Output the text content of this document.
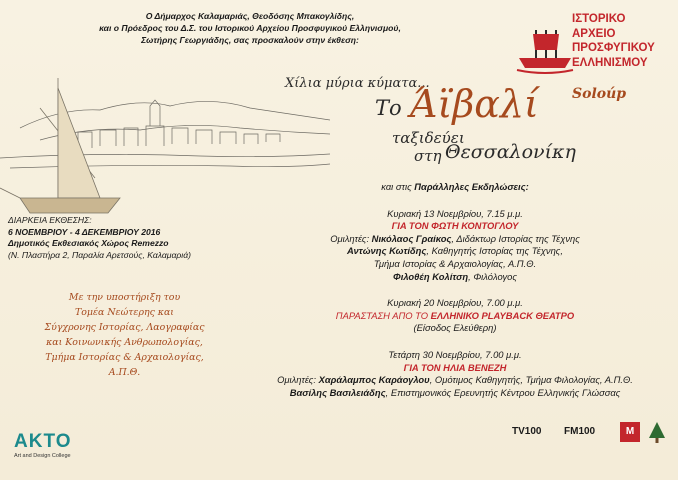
Ο Δήμαρχος Καλαμαριάς, Θεοδόσης Μπακογλίδης,
και ο Πρόεδρος του Δ.Σ. του Ιστορικού Αρχείου Προσφυγικού Ελληνισμού,
Σωτήρης Γεωργιάδης, σας προσκαλούν στην έκθεση:
ΙΣΤΟΡΙΚΟ
ΑΡΧΕΙΟ
ΠΡΟΣΦΥΓΙΚΟΥ
ΕΛΛΗΝΙΣΜΟΥ
Soloúp
Χίλια μύρια κύματα...
Το Άϊβαλί
ταξιδεύει
στη Θεσσαλονίκη
ΔΙΑΡΚΕΙΑ ΕΚΘΕΣΗΣ:
6 ΝΟΕΜΒΡΙΟΥ - 4 ΔΕΚΕΜΒΡΙΟΥ 2016
Δημοτικός Εκθεσιακός Χώρος Remezzo
(Ν. Πλαστήρα 2, Παραλία Αρετσούς, Καλαμαριά)
Με την υποστήριξη του
Τομέα Νεώτερης και
Σύγχρονης Ιστορίας, Λαογραφίας
και Κοινωνικής Ανθρωπολογίας,
Τμήμα Ιστορίας & Αρχαιολογίας,
Α.Π.Θ.
και στις Παράλληλες Εκδηλώσεις:
Κυριακή 13 Νοεμβρίου, 7.15 μ.μ.
ΓΙΑ ΤΟΝ ΦΩΤΗ ΚΟΝΤΟΓΛΟΥ
Ομιλητές: Νικόλαος Γραίκος, Διδάκτωρ Ιστορίας της Τέχνης
Αντώνης Κωτίδης, Καθηγητής Ιστορίας της Τέχνης,
Τμήμα Ιστορίας & Αρχαιολογίας, Α.Π.Θ.
Φιλοθέη Κολίτση, Φιλόλογος
Κυριακή 20 Νοεμβρίου, 7.00 μ.μ.
ΠΑΡΑΣΤΑΣΗ ΑΠΟ ΤΟ ΕΛΛΗΝΙΚΟ PLAYBACK ΘΕΑΤΡΟ
(Είσοδος Ελεύθερη)
Τετάρτη 30 Νοεμβρίου, 7.00 μ.μ.
ΓΙΑ ΤΟΝ ΗΛΙΑ ΒΕΝΕΖΗ
Ομιλητές: Χαράλαμπος Καράογλου, Ομότιμος Καθηγητής, Τμήμα Φιλολογίας, Α.Π.Θ.
Βασίλης Βασιλειάδης, Επιστημονικός Ερευνητής Κέντρου Ελληνικής Γλώσσας
AKTO
Art and Design College
TV100 FM100	M
